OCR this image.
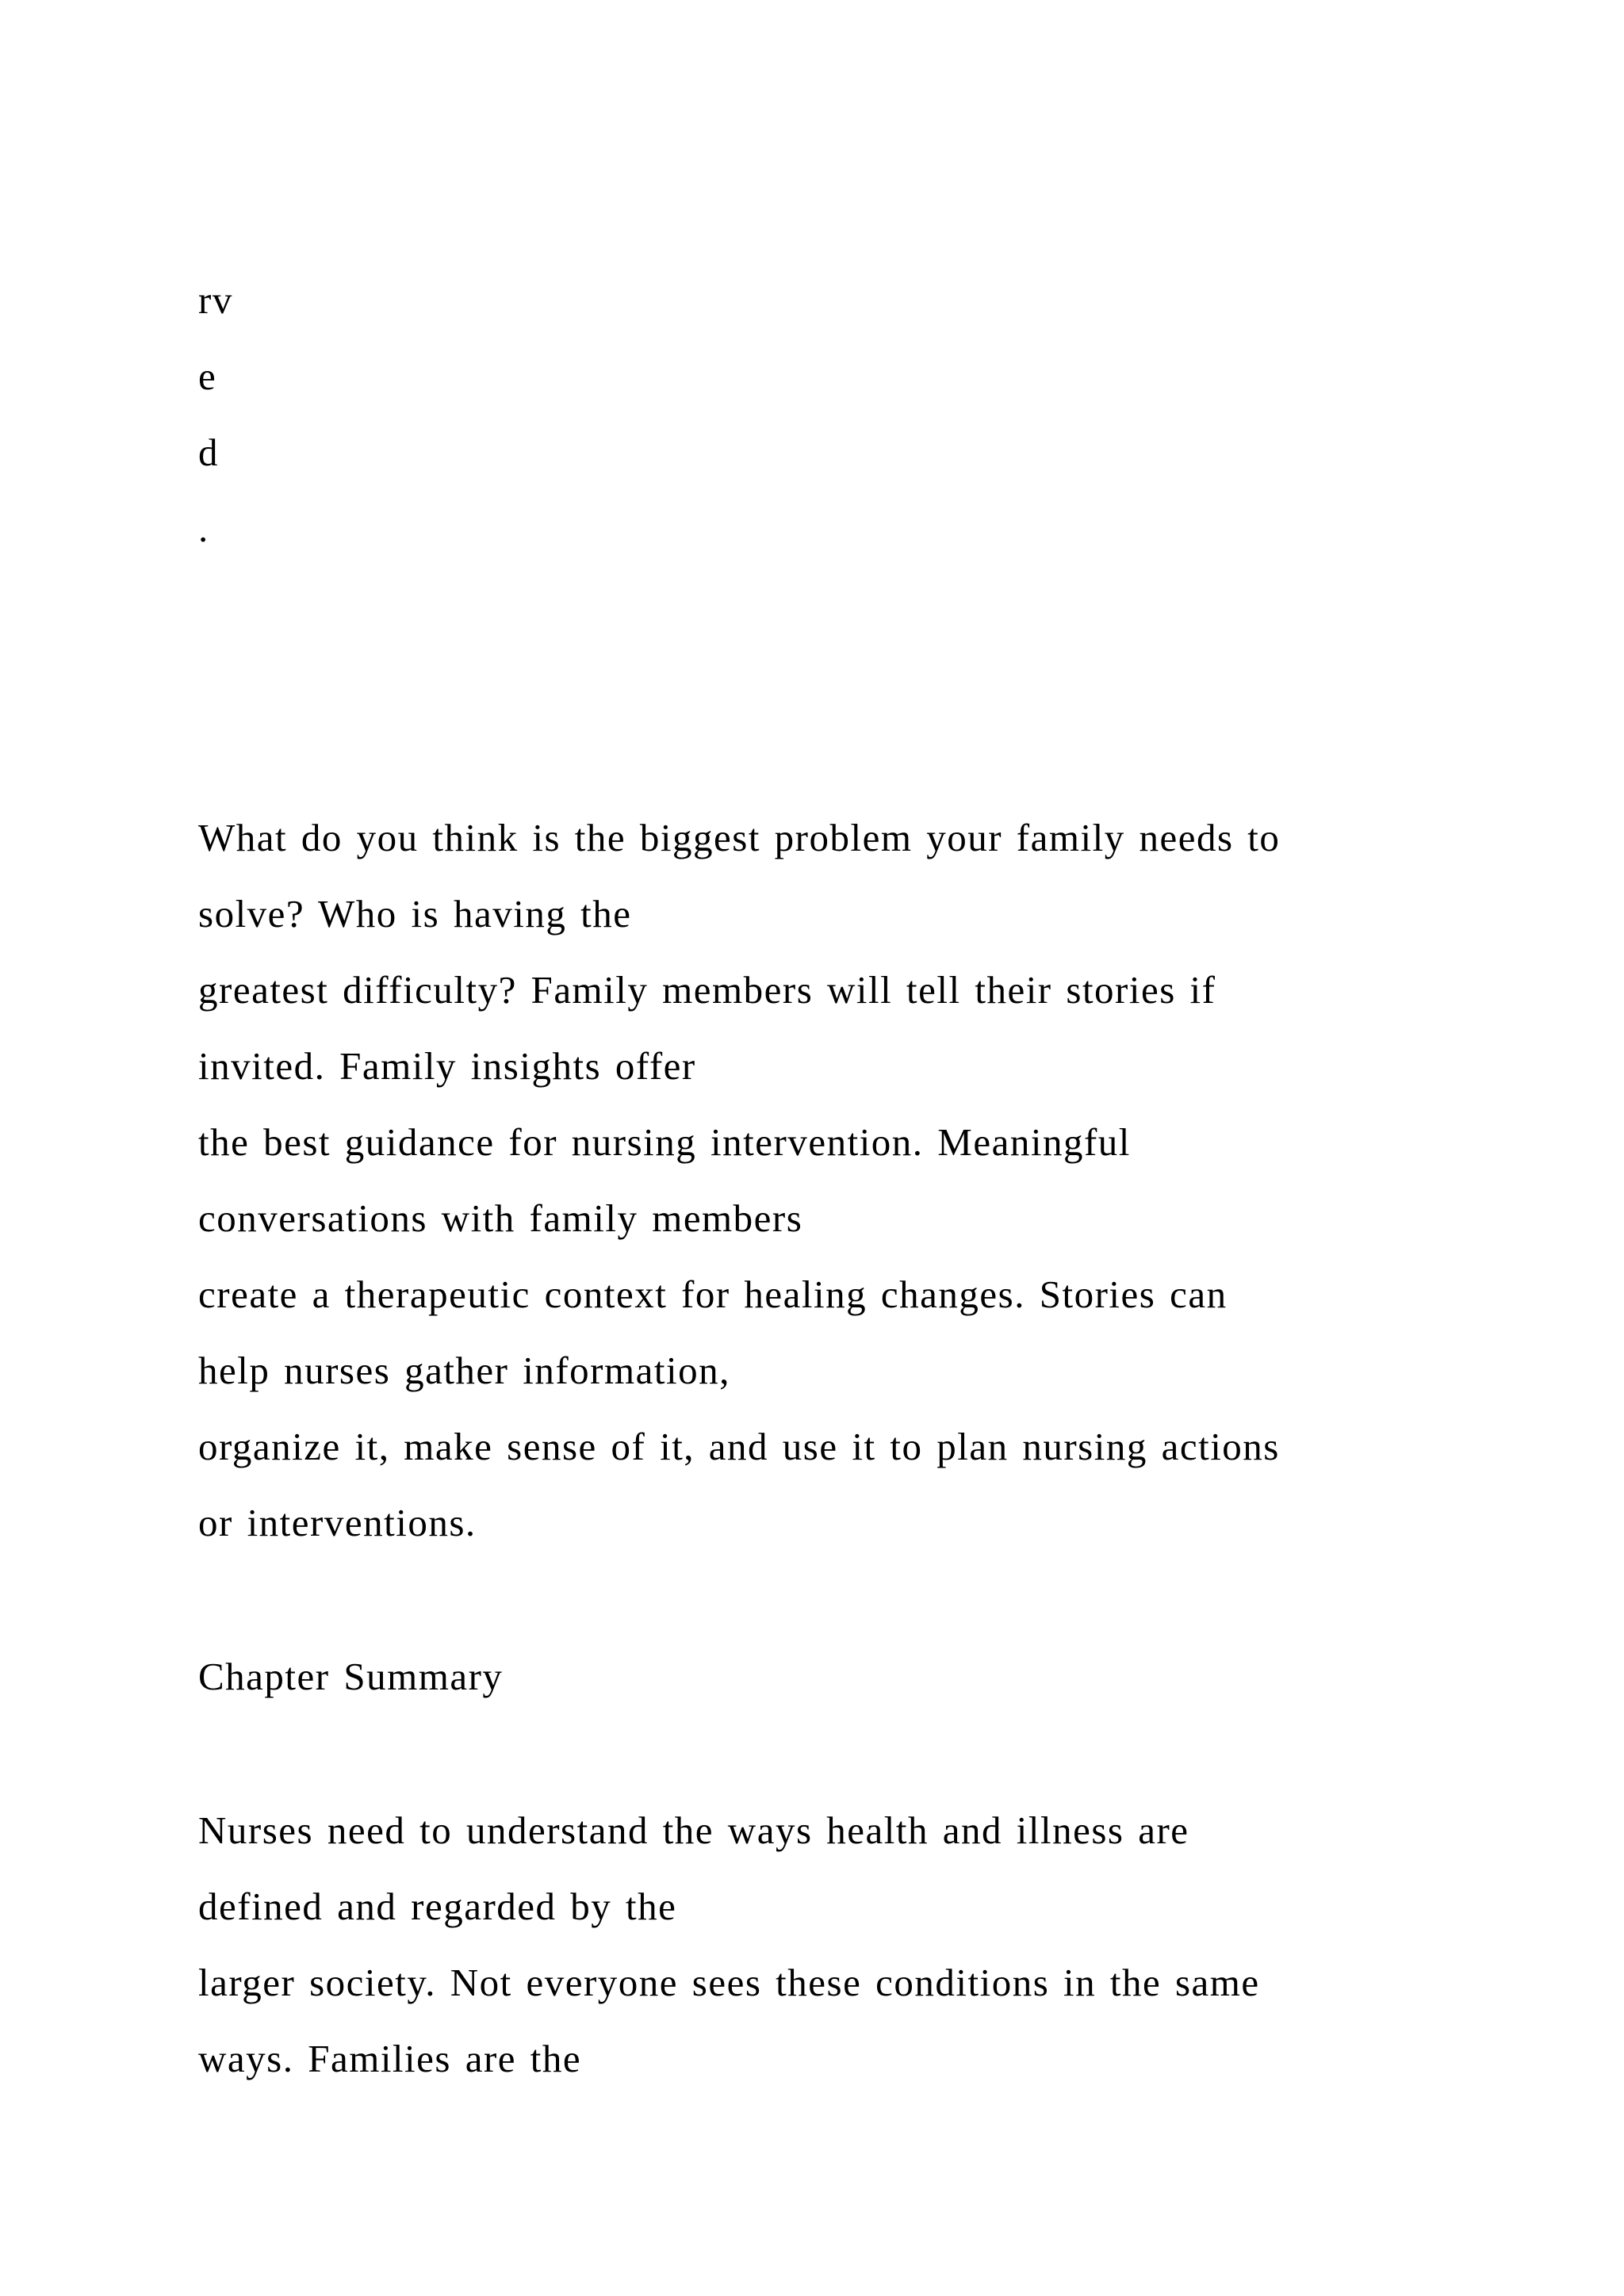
rv
e
d
.
What do you think is the biggest problem your family needs to
solve? Who is having the
greatest difficulty? Family members will tell their stories if
invited. Family insights offer
the best guidance for nursing intervention. Meaningful
conversations with family members
create a therapeutic context for healing changes. Stories can
help nurses gather information,
organize it, make sense of it, and use it to plan nursing actions
or interventions.
Chapter Summary
Nurses need to understand the ways health and illness are
defined and regarded by the
larger society. Not everyone sees these conditions in the same
ways. Families are the
